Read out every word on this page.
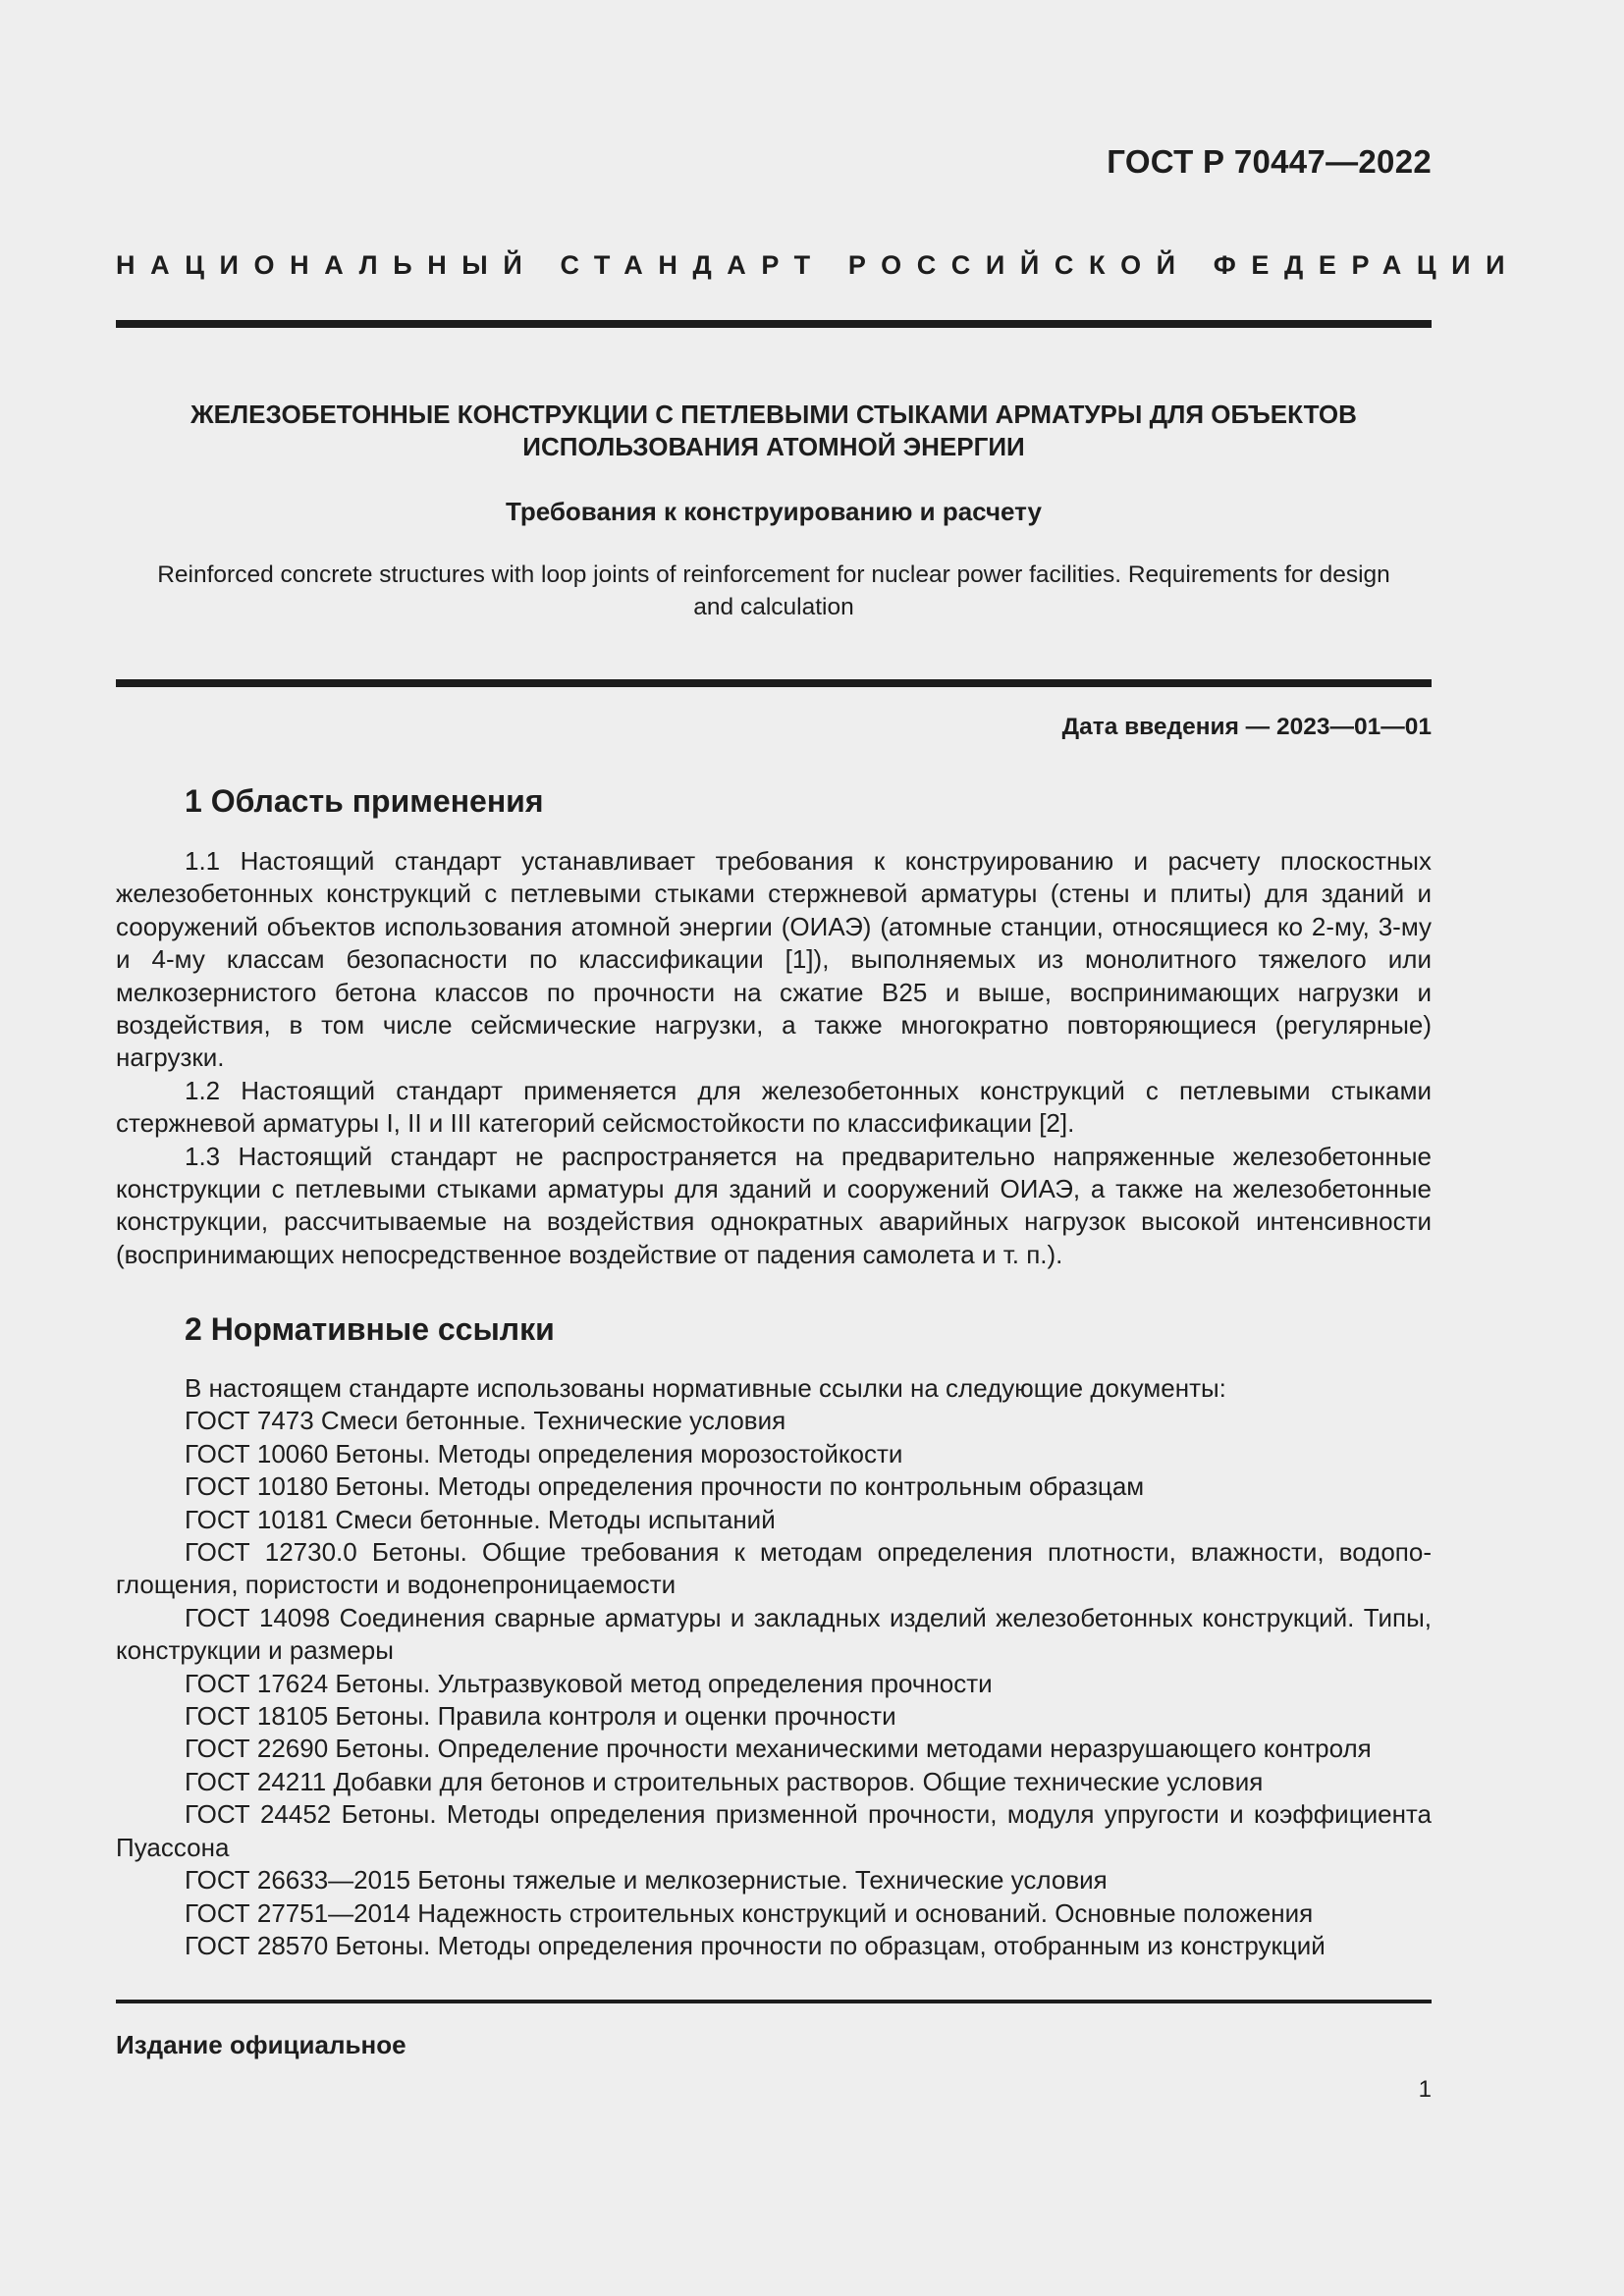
ГОСТ Р 70447—2022
НАЦИОНАЛЬНЫЙ СТАНДАРТ РОССИЙСКОЙ ФЕДЕРАЦИИ
ЖЕЛЕЗОБЕТОННЫЕ КОНСТРУКЦИИ С ПЕТЛЕВЫМИ СТЫКАМИ АРМАТУРЫ ДЛЯ ОБЪЕКТОВ
ИСПОЛЬЗОВАНИЯ АТОМНОЙ ЭНЕРГИИ
Требования к конструированию и расчету
Reinforced concrete structures with loop joints of reinforcement for nuclear power facilities. Requirements for design
and calculation
Дата введения — 2023—01—01
1 Область применения

1.1 Настоящий стандарт устанавливает требования к конструированию и расчету плоскостных железобетонных конструкций с петлевыми стыками стержневой арматуры (стены и плиты) для зданий и сооружений объектов использования атомной энергии (ОИАЭ) (атомные станции, относящиеся ко 2-му, 3-му и 4-му классам безопасности по классификации [1]), выполняемых из монолитного тяжелого или мелкозернистого бетона классов по прочности на сжатие B25 и выше, воспринимающих нагрузки и воздействия, в том числе сейсмические нагрузки, а также многократно повторяющиеся (регулярные) нагрузки.

1.2 Настоящий стандарт применяется для железобетонных конструкций с петлевыми стыками стержневой арматуры I, II и III категорий сейсмостойкости по классификации [2].

1.3 Настоящий стандарт не распространяется на предварительно напряженные железобетонные конструкции с петлевыми стыками арматуры для зданий и сооружений ОИАЭ, а также на железобетонные конструкции, рассчитываемые на воздействия однократных аварийных нагрузок высокой интенсивности (воспринимающих непосредственное воздействие от падения самолета и т. п.).

2 Нормативные ссылки

В настоящем стандарте использованы нормативные ссылки на следующие документы:

ГОСТ 7473 Смеси бетонные. Технические условия

ГОСТ 10060 Бетоны. Методы определения морозостойкости

ГОСТ 10180 Бетоны. Методы определения прочности по контрольным образцам

ГОСТ 10181 Смеси бетонные. Методы испытаний

ГОСТ 12730.0 Бетоны. Общие требования к методам определения плотности, влажности, водопоглощения, пористости и водонепроницаемости

ГОСТ 14098 Соединения сварные арматуры и закладных изделий железобетонных конструкций. Типы, конструкции и размеры

ГОСТ 17624 Бетоны. Ультразвуковой метод определения прочности

ГОСТ 18105 Бетоны. Правила контроля и оценки прочности

ГОСТ 22690 Бетоны. Определение прочности механическими методами неразрушающего контроля

ГОСТ 24211 Добавки для бетонов и строительных растворов. Общие технические условия

ГОСТ 24452 Бетоны. Методы определения призменной прочности, модуля упругости и коэффициента Пуассона

ГОСТ 26633—2015 Бетоны тяжелые и мелкозернистые. Технические условия

ГОСТ 27751—2014 Надежность строительных конструкций и оснований. Основные положения

ГОСТ 28570 Бетоны. Методы определения прочности по образцам, отобранным из конструкций

Издание официальное
1
